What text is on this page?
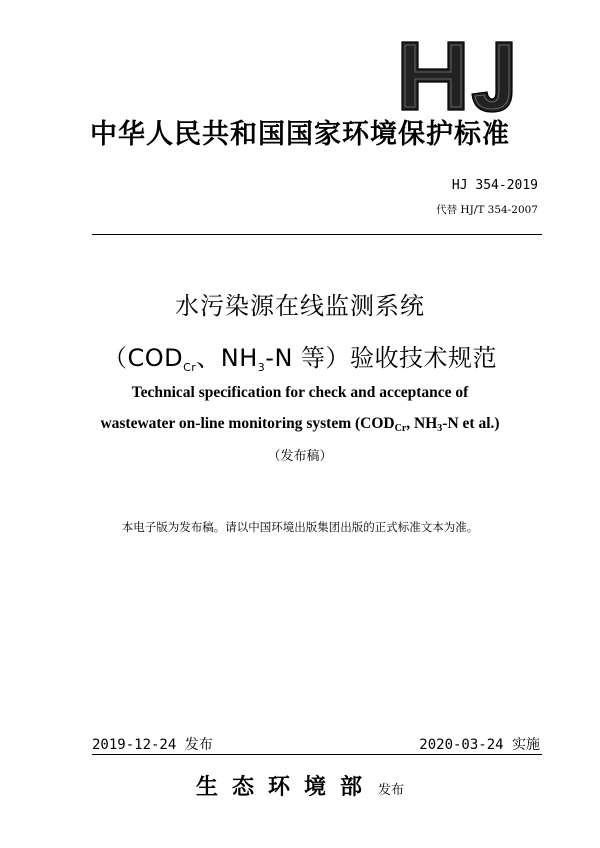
中华人民共和国国家环境保护标准
HJ 354-2019
代替 HJ/T 354-2007
水污染源在线监测系统
（$COD_{Cr}$、$NH_3-N$ 等）验收技术规范
Technical specification for check and acceptance of
wastewater on-line monitoring system (CODCr, NH3-N et al.)
（发布稿）
本电子版为发布稿。请以中国环境出版集团出版的正式标准文本为准。
2019-12-24 发布	2020-03-24 实施
生态环境部 发布
